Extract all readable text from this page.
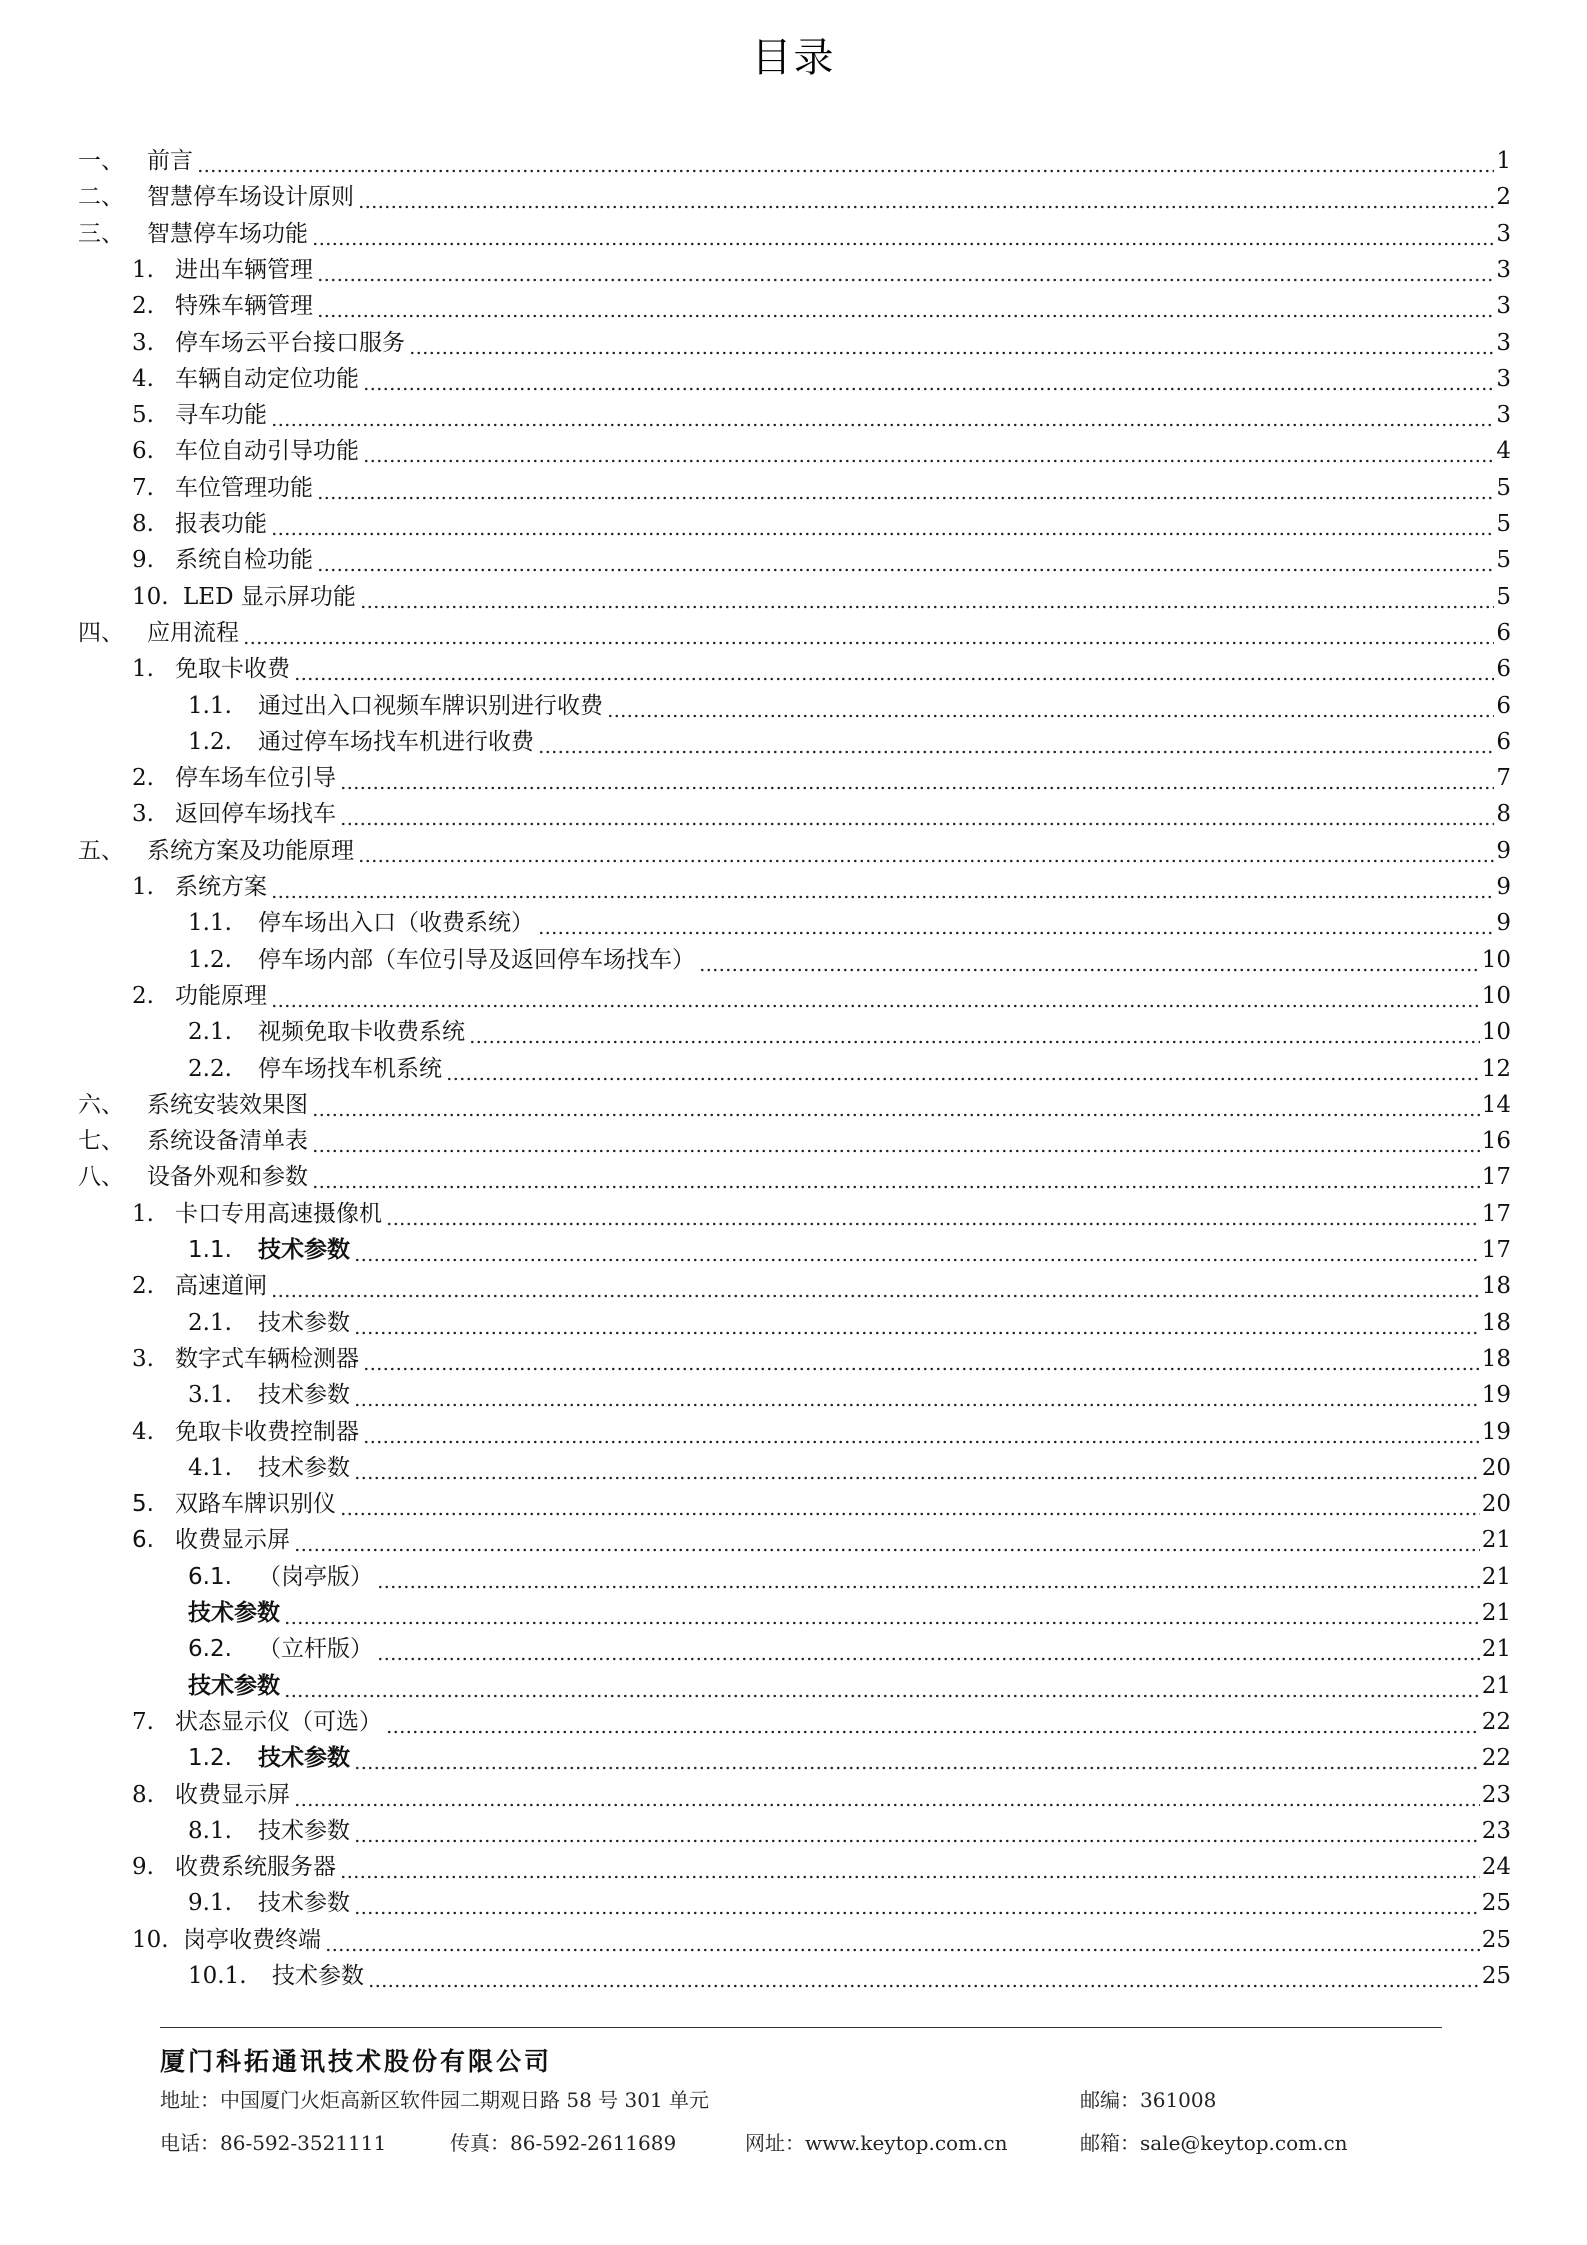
目录
一、 前言	1
二、 智慧停车场设计原则	2
三、 智慧停车场功能	3
1. 进出车辆管理	3
2. 特殊车辆管理	3
3. 停车场云平台接口服务	3
4. 车辆自动定位功能	3
5. 寻车功能	3
6. 车位自动引导功能	4
7. 车位管理功能	5
8. 报表功能	5
9. 系统自检功能	5
10. LED 显示屏功能	5
四、 应用流程	6
1. 免取卡收费	6
1.1. 通过出入口视频车牌识别进行收费	6
1.2. 通过停车场找车机进行收费	6
2. 停车场车位引导	7
3. 返回停车场找车	8
五、 系统方案及功能原理	9
1. 系统方案	9
1.1. 停车场出入口（收费系统）	9
1.2. 停车场内部（车位引导及返回停车场找车）	10
2. 功能原理	10
2.1. 视频免取卡收费系统	10
2.2. 停车场找车机系统	12
六、 系统安装效果图	14
七、 系统设备清单表	16
八、 设备外观和参数	17
1. 卡口专用高速摄像机	17
1.1. 技术参数	17
2. 高速道闸	18
2.1. 技术参数	18
3. 数字式车辆检测器	18
3.1. 技术参数	19
4. 免取卡收费控制器	19
4.1. 技术参数	20
5. 双路车牌识别仪	20
6. 收费显示屏	21
6.1. （岗亭版）	21
技术参数	21
6.2. （立杆版）	21
技术参数	21
7. 状态显示仪（可选）	22
1.2. 技术参数	22
8. 收费显示屏	23
8.1. 技术参数	23
9. 收费系统服务器	24
9.1. 技术参数	25
10. 岗亭收费终端	25
10.1. 技术参数	25
厦门科拓通讯技术股份有限公司
地址：中国厦门火炬高新区软件园二期观日路 58 号 301 单元	邮编：361008
电话：86-592-3521111	传真：86-592-2611689	网址：www.keytop.com.cn	邮箱：sale@keytop.com.cn
